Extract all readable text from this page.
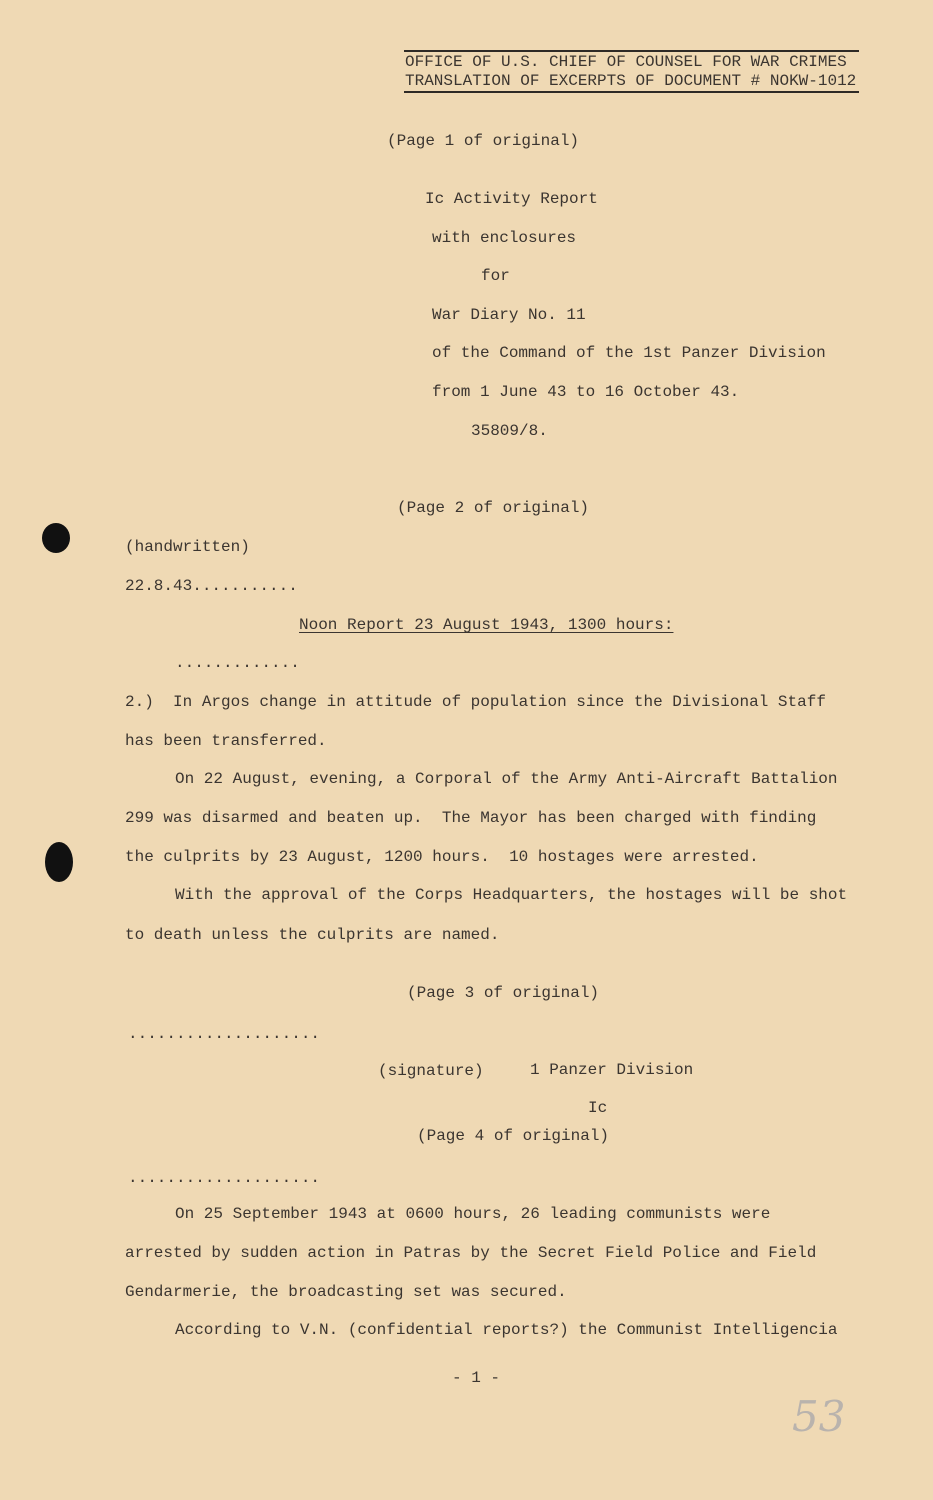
OFFICE OF U.S. CHIEF OF COUNSEL FOR WAR CRIMES
TRANSLATION OF EXCERPTS OF DOCUMENT # NOKW-1012
(Page 1 of original)
Ic Activity Report
with enclosures
for
War Diary No. 11
of the Command of the 1st Panzer Division
from 1 June 43 to 16 October 43.
35809/8.
(Page 2 of original)
(handwritten)
22.8.43...........
Noon Report 23 August 1943, 1300 hours:
.............
2.)  In Argos change in attitude of population since the Divisional Staff
has been transferred.
On 22 August, evening, a Corporal of the Army Anti-Aircraft Battalion
299 was disarmed and beaten up.  The Mayor has been charged with finding
the culprits by 23 August, 1200 hours.  10 hostages were arrested.
With the approval of the Corps Headquarters, the hostages will be shot
to death unless the culprits are named.
(Page 3 of original)
....................
(signature)	1 Panzer Division
Ic
(Page 4 of original)
....................
On 25 September 1943 at 0600 hours, 26 leading communists were
arrested by sudden action in Patras by the Secret Field Police and Field
Gendarmerie, the broadcasting set was secured.
According to V.N. (confidential reports?) the Communist Intelligencia
- 1 -
53
